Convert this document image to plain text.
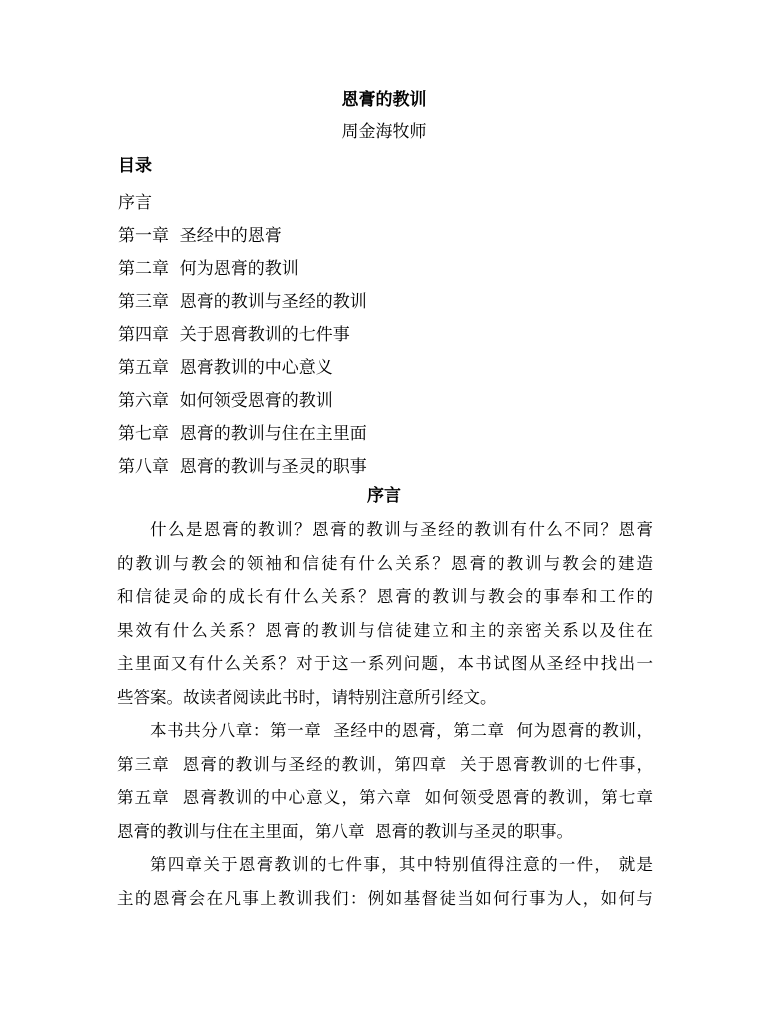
恩膏的教训
周金海牧师
目录
序言
第一章  圣经中的恩膏
第二章  何为恩膏的教训
第三章  恩膏的教训与圣经的教训
第四章  关于恩膏教训的七件事
第五章  恩膏教训的中心意义
第六章  如何领受恩膏的教训
第七章  恩膏的教训与住在主里面
第八章  恩膏的教训与圣灵的职事
序言
什么是恩膏的教训？恩膏的教训与圣经的教训有什么不同？恩膏
的教训与教会的领袖和信徒有什么关系？恩膏的教训与教会的建造
和信徒灵命的成长有什么关系？恩膏的教训与教会的事奉和工作的
果效有什么关系？恩膏的教训与信徒建立和主的亲密关系以及住在
主里面又有什么关系？对于这一系列问题，本书试图从圣经中找出一
些答案。故读者阅读此书时，请特别注意所引经文。
本书共分八章：第一章  圣经中的恩膏，第二章  何为恩膏的教训，
第三章  恩膏的教训与圣经的教训，第四章  关于恩膏教训的七件事，
第五章  恩膏教训的中心意义，第六章  如何领受恩膏的教训，第七章
恩膏的教训与住在主里面，第八章  恩膏的教训与圣灵的职事。
第四章关于恩膏教训的七件事，其中特别值得注意的一件， 就是
主的恩膏会在凡事上教训我们：例如基督徒当如何行事为人，如何与
